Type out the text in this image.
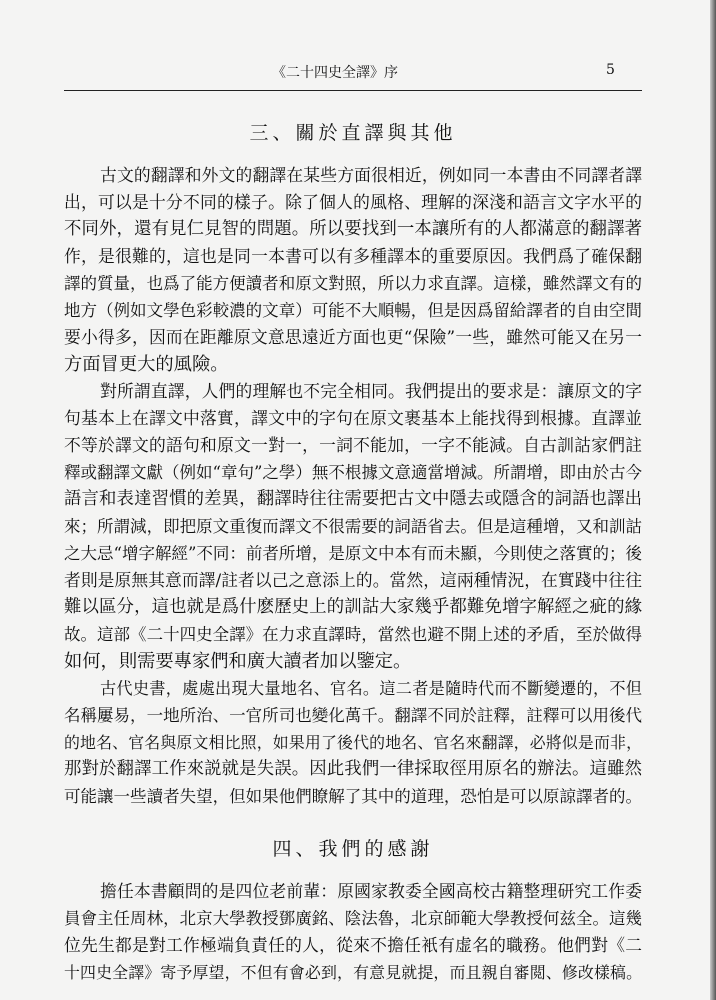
《二十四史全譯》序	5
三、關於直譯與其他
古文的翻譯和外文的翻譯在某些方面很相近，例如同一本書由不同譯者譯
出，可以是十分不同的樣子。除了個人的風格、理解的深淺和語言文字水平的
不同外，還有見仁見智的問題。所以要找到一本讓所有的人都滿意的翻譯著
作，是很難的，這也是同一本書可以有多種譯本的重要原因。我們爲了確保翻
譯的質量，也爲了能方便讀者和原文對照，所以力求直譯。這樣，雖然譯文有的
地方（例如文學色彩較濃的文章）可能不大順暢，但是因爲留給譯者的自由空間
要小得多，因而在距離原文意思遠近方面也更“保險”一些，雖然可能又在另一
方面冒更大的風險。
對所謂直譯，人們的理解也不完全相同。我們提出的要求是：讓原文的字
句基本上在譯文中落實，譯文中的字句在原文裹基本上能找得到根據。直譯並
不等於譯文的語句和原文一對一，一詞不能加，一字不能減。自古訓詁家們註
釋或翻譯文獻（例如“章句”之學）無不根據文意適當增減。所謂增，即由於古今
語言和表達習慣的差異，翻譯時往往需要把古文中隱去或隱含的詞語也譯出
來；所謂減，即把原文重復而譯文不很需要的詞語省去。但是這種增，又和訓詁
之大忌“增字解經”不同：前者所增，是原文中本有而未顯，今則使之落實的；後
者則是原無其意而譯/註者以己之意添上的。當然，這兩種情況，在實踐中往往
難以區分，這也就是爲什麽歷史上的訓詁大家幾乎都難免增字解經之疵的緣
故。這部《二十四史全譯》在力求直譯時，當然也避不開上述的矛盾，至於做得
如何，則需要專家們和廣大讀者加以鑒定。
古代史書，處處出現大量地名、官名。這二者是隨時代而不斷變遷的，不但
名稱屢易，一地所治、一官所司也變化萬千。翻譯不同於註釋，註釋可以用後代
的地名、官名與原文相比照，如果用了後代的地名、官名來翻譯，必將似是而非，
那對於翻譯工作來説就是失誤。因此我們一律採取徑用原名的辦法。這雖然
可能讓一些讀者失望，但如果他們瞭解了其中的道理，恐怕是可以原諒譯者的。
四、我們的感謝
擔任本書顧問的是四位老前輩：原國家教委全國高校古籍整理研究工作委
員會主任周林，北京大學教授鄧廣銘、陰法魯，北京師範大學教授何兹全。這幾
位先生都是對工作極端負責任的人，從來不擔任衹有虚名的職務。他們對《二
十四史全譯》寄予厚望，不但有會必到，有意見就提，而且親自審閲、修改樣稿。
